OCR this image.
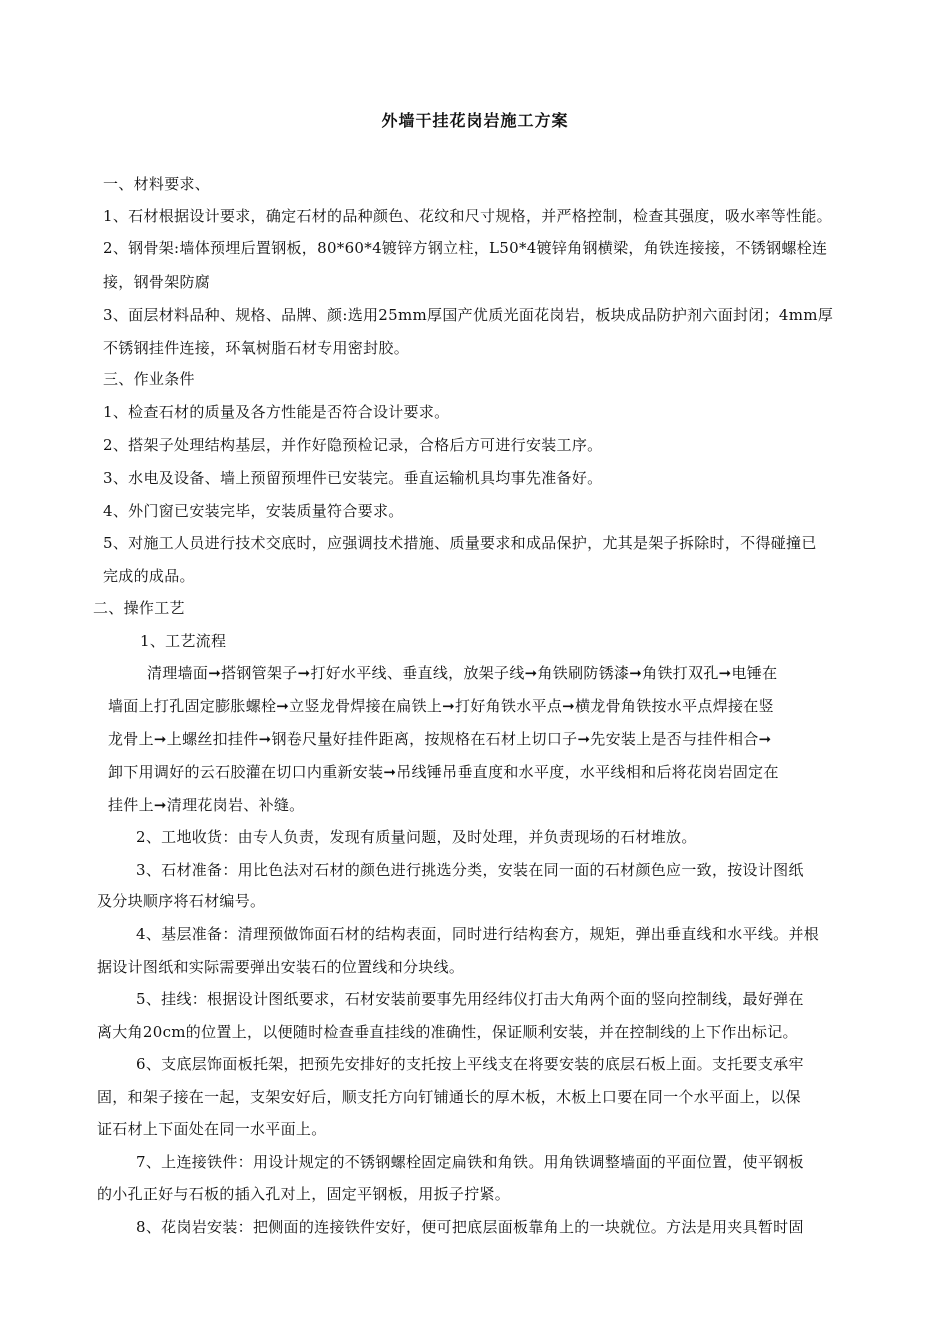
外墙干挂花岗岩施工方案
一、材料要求、
1、石材根据设计要求，确定石材的品种颜色、花纹和尺寸规格，并严格控制，检查其强度，吸水率等性能。
2、钢骨架:墙体预埋后置钢板，80*60*4镀锌方钢立柱，L50*4镀锌角钢横梁，角铁连接接，不锈钢螺栓连
接，钢骨架防腐
3、面层材料品种、规格、品牌、颜:选用25mm厚国产优质光面花岗岩，板块成品防护剂六面封闭；4mm厚
不锈钢挂件连接，环氧树脂石材专用密封胶。
三、作业条件
1、检查石材的质量及各方性能是否符合设计要求。
2、搭架子处理结构基层，并作好隐预检记录，合格后方可进行安装工序。
3、水电及设备、墙上预留预埋件已安装完。垂直运输机具均事先准备好。
4、外门窗已安装完毕，安装质量符合要求。
5、对施工人员进行技术交底时，应强调技术措施、质量要求和成品保护，尤其是架子拆除时，不得碰撞已
完成的成品。
二、操作工艺
1、工艺流程
清理墙面➞搭钢管架子➞打好水平线、垂直线，放架子线➞角铁刷防锈漆➞角铁打双孔➞电锤在
墙面上打孔固定膨胀螺栓➞立竖龙骨焊接在扁铁上➞打好角铁水平点➞横龙骨角铁按水平点焊接在竖
龙骨上➞上螺丝扣挂件➞钢卷尺量好挂件距离，按规格在石材上切口子➞先安装上是否与挂件相合➞
卸下用调好的云石胶灌在切口内重新安装➞吊线锤吊垂直度和水平度，水平线相和后将花岗岩固定在
挂件上➞清理花岗岩、补缝。
2、工地收货：由专人负责，发现有质量问题，及时处理，并负责现场的石材堆放。
3、石材准备：用比色法对石材的颜色进行挑选分类，安装在同一面的石材颜色应一致，按设计图纸
及分块顺序将石材编号。
4、基层准备：清理预做饰面石材的结构表面，同时进行结构套方，规矩，弹出垂直线和水平线。并根
据设计图纸和实际需要弹出安装石的位置线和分块线。
5、挂线：根据设计图纸要求，石材安装前要事先用经纬仪打击大角两个面的竖向控制线，最好弹在
离大角20cm的位置上，以便随时检查垂直挂线的准确性，保证顺利安装，并在控制线的上下作出标记。
6、支底层饰面板托架，把预先安排好的支托按上平线支在将要安装的底层石板上面。支托要支承牢
固，和架子接在一起，支架安好后，顺支托方向钉铺通长的厚木板，木板上口要在同一个水平面上，以保
证石材上下面处在同一水平面上。
7、上连接铁件：用设计规定的不锈钢螺栓固定扁铁和角铁。用角铁调整墙面的平面位置，使平钢板
的小孔正好与石板的插入孔对上，固定平钢板，用扳子拧紧。
8、花岗岩安装：把侧面的连接铁件安好，便可把底层面板靠角上的一块就位。方法是用夹具暂时固
